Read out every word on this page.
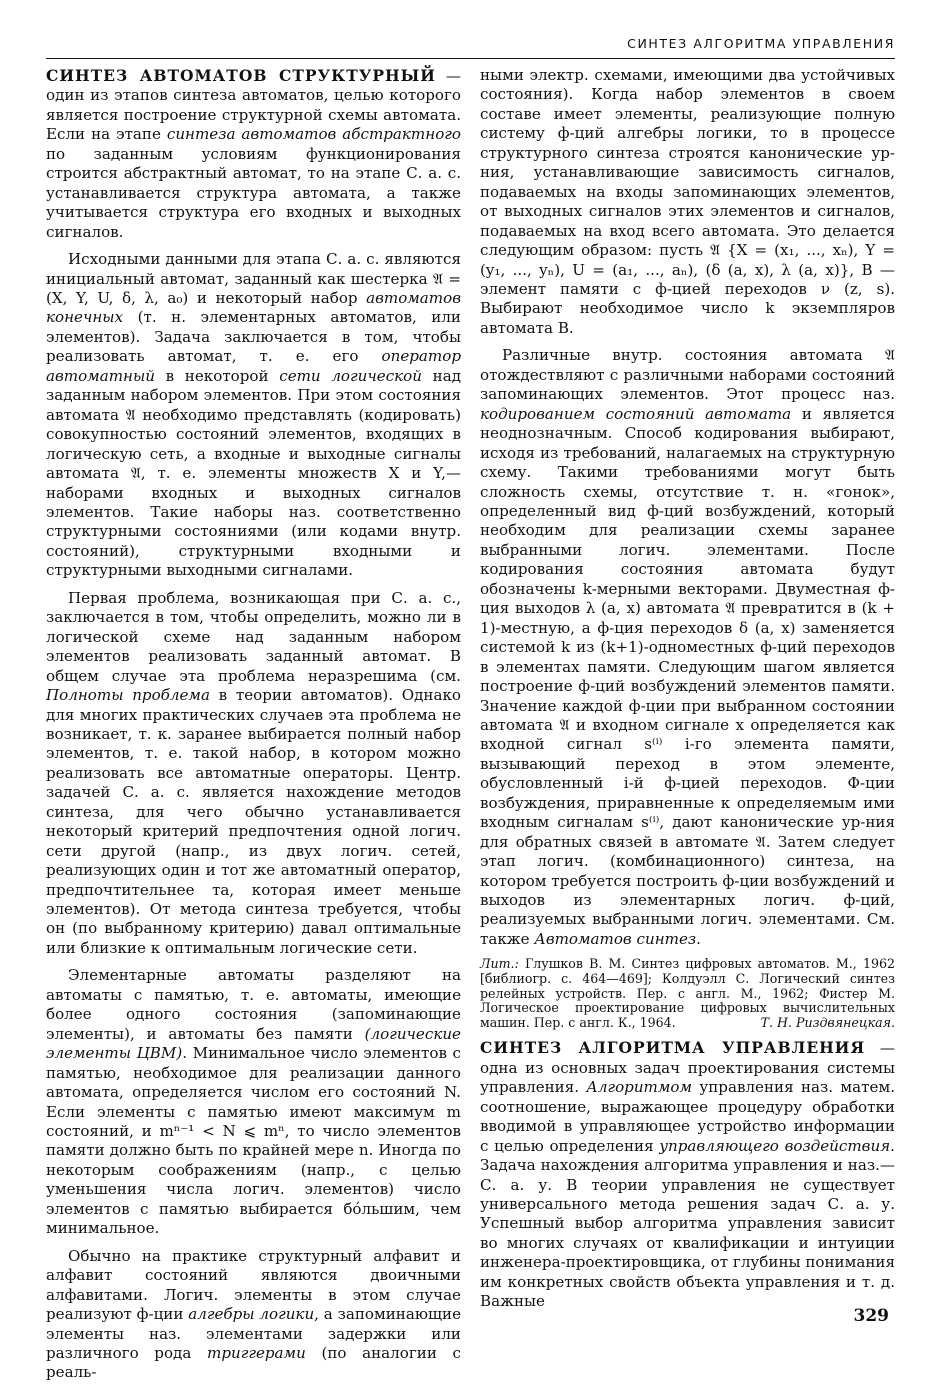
СИНТЕЗ АЛГОРИТМА УПРАВЛЕНИЯ

СИНТЕЗ АВТОМАТОВ СТРУКТУРНЫЙ — один из этапов синтеза автоматов, целью которого является построение структурной схемы автомата. Если на этапе синтеза автоматов абстрактного по заданным условиям функционирования строится абстрактный автомат, то на этапе С. а. с. устанавливается структура автомата, а также учитывается структура его входных и выходных сигналов.

Исходными данными для этапа С. а. с. являются инициальный автомат, заданный как шестерка 𝔄 = (X, Y, U, δ, λ, a₀) и некоторый набор автоматов конечных (т. н. элементарных автоматов, или элементов). Задача заключается в том, чтобы реализовать автомат, т. е. его оператор автоматный в некоторой сети логической над заданным набором элементов. При этом состояния автомата 𝔄 необходимо представлять (кодировать) совокупностью состояний элементов, входящих в логическую сеть, а входные и выходные сигналы автомата 𝔄, т. е. элементы множеств X и Y,— наборами входных и выходных сигналов элементов. Такие наборы наз. соответственно структурными состояниями (или кодами внутр. состояний), структурными входными и структурными выходными сигналами.

Первая проблема, возникающая при С. а. с., заключается в том, чтобы определить, можно ли в логической схеме над заданным набором элементов реализовать заданный автомат. В общем случае эта проблема неразрешима (см. Полноты проблема в теории автоматов). Однако для многих практических случаев эта проблема не возникает, т. к. заранее выбирается полный набор элементов, т. е. такой набор, в котором можно реализовать все автоматные операторы. Центр. задачей С. а. с. является нахождение методов синтеза, для чего обычно устанавливается некоторый критерий предпочтения одной логич. сети другой (напр., из двух логич. сетей, реализующих один и тот же автоматный оператор, предпочтительнее та, которая имеет меньше элементов). От метода синтеза требуется, чтобы он (по выбранному критерию) давал оптимальные или близкие к оптимальным логические сети.

Элементарные автоматы разделяют на автоматы с памятью, т. е. автоматы, имеющие более одного состояния (запоминающие элементы), и автоматы без памяти (логические элементы ЦВМ). Минимальное число элементов с памятью, необходимое для реализации данного автомата, определяется числом его состояний N. Если элементы с памятью имеют максимум m состояний, и mⁿ⁻¹ < N ⩽ mⁿ, то число элементов памяти должно быть по крайней мере n. Иногда по некоторым соображениям (напр., с целью уменьшения числа логич. элементов) число элементов с памятью выбирается бо́льшим, чем минимальное.

Обычно на практике структурный алфавит и алфавит состояний являются двоичными алфавитами. Логич. элементы в этом случае реализуют ф-ции алгебры логики, а запоминающие элементы наз. элементами задержки или различного рода триггерами (по аналогии с реаль-

ными электр. схемами, имеющими два устойчивых состояния). Когда набор элементов в своем составе имеет элементы, реализующие полную систему ф-ций алгебры логики, то в процессе структурного синтеза строятся канонические ур-ния, устанавливающие зависимость сигналов, подаваемых на входы запоминающих элементов, от выходных сигналов этих элементов и сигналов, подаваемых на вход всего автомата. Это делается следующим образом: пусть 𝔄 {X = (x₁, ..., xₙ), Y = (y₁, ..., yₙ), U = (a₁, ..., aₙ), (δ (a, x), λ (a, x)}, B — элемент памяти с ф-цией переходов ν (z, s). Выбирают необходимое число k экземпляров автомата B.

Различные внутр. состояния автомата 𝔄 отождествляют с различными наборами состояний запоминающих элементов. Этот процесс наз. кодированием состояний автомата и является неоднозначным. Способ кодирования выбирают, исходя из требований, налагаемых на структурную схему. Такими требованиями могут быть сложность схемы, отсутствие т. н. «гонок», определенный вид ф-ций возбуждений, который необходим для реализации схемы заранее выбранными логич. элементами. После кодирования состояния автомата будут обозначены k-мерными векторами. Двуместная ф-ция выходов λ (a, x) автомата 𝔄 превратится в (k + 1)-местную, а ф-ция переходов δ (a, x) заменяется системой k из (k+1)-одноместных ф-ций переходов в элементах памяти. Следующим шагом является построение ф-ций возбуждений элементов памяти. Значение каждой ф-ции при выбранном состоянии автомата 𝔄 и входном сигнале x определяется как входной сигнал s⁽ⁱ⁾ i-го элемента памяти, вызывающий переход в этом элементе, обусловленный i-й ф-цией переходов. Ф-ции возбуждения, приравненные к определяемым ими входным сигналам s⁽ⁱ⁾, дают канонические ур-ния для обратных связей в автомате 𝔄. Затем следует этап логич. (комбинационного) синтеза, на котором требуется построить ф-ции возбуждений и выходов из элементарных логич. ф-ций, реализуемых выбранными логич. элементами. См. также Автоматов синтез.

Лит.: Глушков В. М. Синтез цифровых автоматов. М., 1962 [библиогр. с. 464—469]; Колдуэлл С. Логический синтез релейных устройств. Пер. с англ. М., 1962; Фистер М. Логическое проектирование цифровых вычислительных машин. Пер. с англ. К., 1964.	Т. Н. Риздвянецкая.

СИНТЕЗ АЛГОРИТМА УПРАВЛЕНИЯ — одна из основных задач проектирования системы управления. Алгоритмом управления наз. матем. соотношение, выражающее процедуру обработки вводимой в управляющее устройство информации с целью определения управляющего воздействия. Задача нахождения алгоритма управления и наз.— С. а. у. В теории управления не существует универсального метода решения задач С. а. у. Успешный выбор алгоритма управления зависит во многих случаях от квалификации и интуиции инженера-проектировщика, от глубины понимания им конкретных свойств объекта управления и т. д. Важные

329
